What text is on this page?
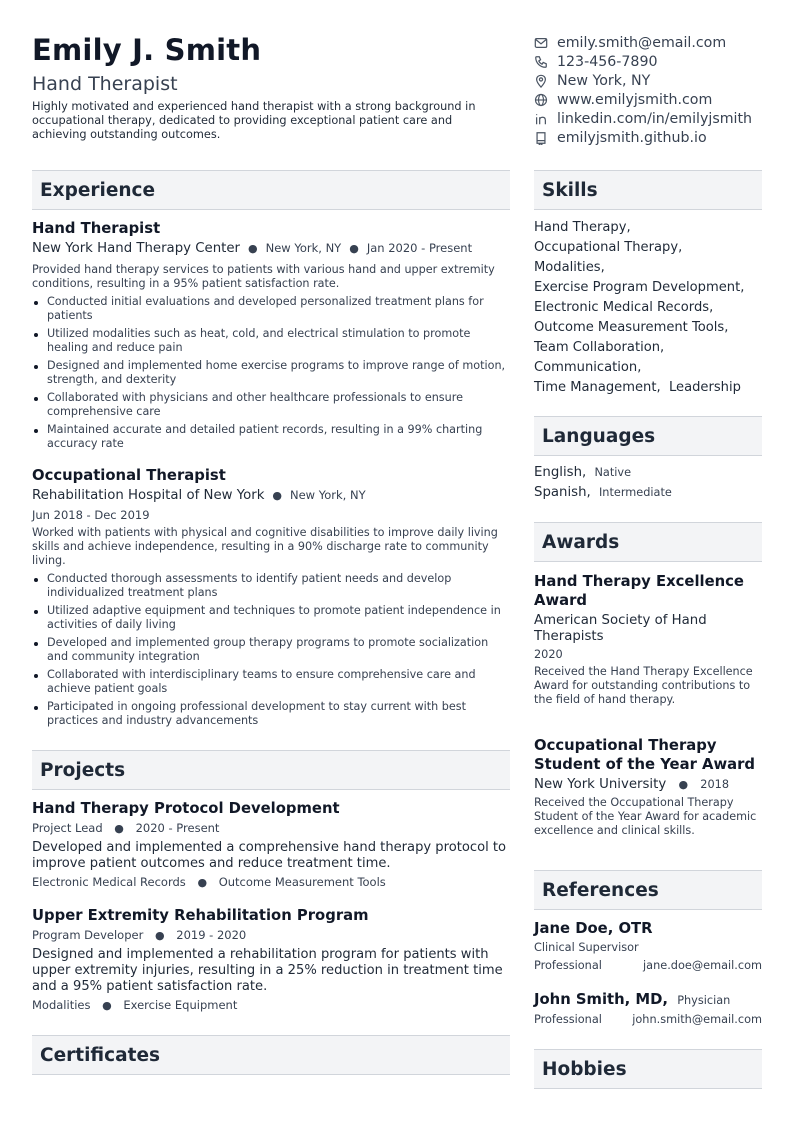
Emily J. Smith
Hand Therapist
Highly motivated and experienced hand therapist with a strong background in occupational therapy, dedicated to providing exceptional patient care and achieving outstanding outcomes.
emily.smith@email.com
123-456-7890
New York, NY
www.emilyjsmith.com
linkedin.com/in/emilyjsmith
emilyjsmith.github.io
Experience
Hand Therapist
New York Hand Therapy Center ● New York, NY ● Jan 2020 - Present
Provided hand therapy services to patients with various hand and upper extremity conditions, resulting in a 95% patient satisfaction rate.
Conducted initial evaluations and developed personalized treatment plans for patients
Utilized modalities such as heat, cold, and electrical stimulation to promote healing and reduce pain
Designed and implemented home exercise programs to improve range of motion, strength, and dexterity
Collaborated with physicians and other healthcare professionals to ensure comprehensive care
Maintained accurate and detailed patient records, resulting in a 99% charting accuracy rate
Occupational Therapist
Rehabilitation Hospital of New York ● New York, NY
Jun 2018 - Dec 2019
Worked with patients with physical and cognitive disabilities to improve daily living skills and achieve independence, resulting in a 90% discharge rate to community living.
Conducted thorough assessments to identify patient needs and develop individualized treatment plans
Utilized adaptive equipment and techniques to promote patient independence in activities of daily living
Developed and implemented group therapy programs to promote socialization and community integration
Collaborated with interdisciplinary teams to ensure comprehensive care and achieve patient goals
Participated in ongoing professional development to stay current with best practices and industry advancements
Projects
Hand Therapy Protocol Development
Project Lead ● 2020 - Present
Developed and implemented a comprehensive hand therapy protocol to improve patient outcomes and reduce treatment time.
Electronic Medical Records ● Outcome Measurement Tools
Upper Extremity Rehabilitation Program
Program Developer ● 2019 - 2020
Designed and implemented a rehabilitation program for patients with upper extremity injuries, resulting in a 25% reduction in treatment time and a 95% patient satisfaction rate.
Modalities ● Exercise Equipment
Certificates
Skills
Hand Therapy,
Occupational Therapy,
Modalities,
Exercise Program Development,
Electronic Medical Records,
Outcome Measurement Tools,
Team Collaboration,
Communication,
Time Management, Leadership
Languages
English, Native
Spanish, Intermediate
Awards
Hand Therapy Excellence Award
American Society of Hand Therapists
2020
Received the Hand Therapy Excellence Award for outstanding contributions to the field of hand therapy.
Occupational Therapy Student of the Year Award
New York University ● 2018
Received the Occupational Therapy Student of the Year Award for academic excellence and clinical skills.
References
Jane Doe, OTR
Clinical Supervisor
Professional	jane.doe@email.com
John Smith, MD, Physician
Professional	john.smith@email.com
Hobbies
